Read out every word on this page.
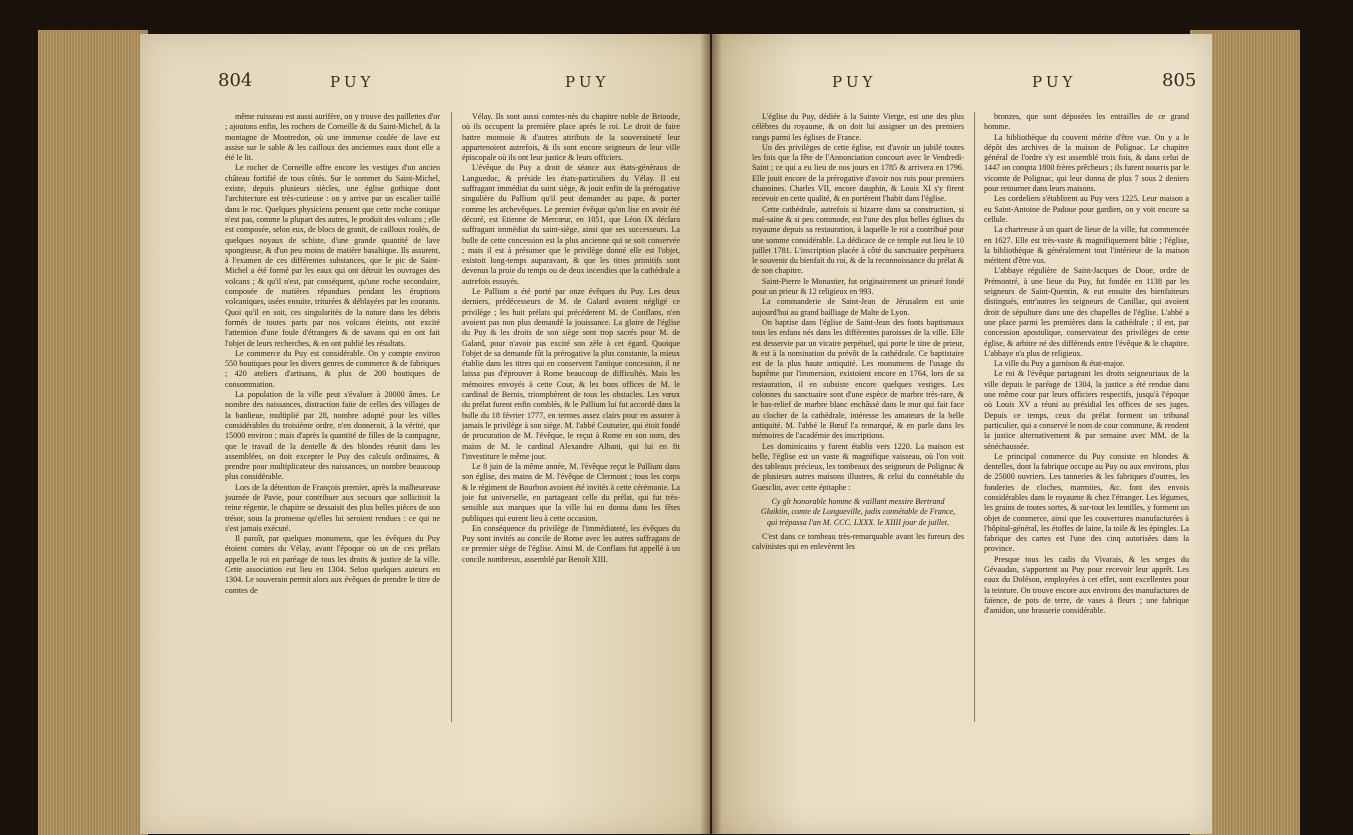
804	PUY	PUY

même ruisseau est aussi aurifère, on y trouve des paillettes d'or ; ajoutons enfin, les rochers de Corneille & du Saint-Michel, & la montagne de Montredon, où une immense coulée de lave est assise sur le sable & les cailloux des anciennes eaux dont elle a été le lit.

Le rocher de Corneille offre encore les vestiges d'un ancien château fortifié de tous côtés. Sur le sommet du Saint-Michel, existe, depuis plusieurs siècles, une église gothique dont l'architecture est très-curieuse : on y arrive par un escalier taillé dans le roc. Quelques physiciens pensent que cette roche conique n'est pas, comme la plupart des autres, le produit des volcans ; elle est composée, selon eux, de blocs de granit, de cailloux roulés, de quelques noyaux de schiste, d'une grande quantité de lave spongieuse, & d'un peu moins de matière basaltique. Ils assurent, à l'examen de ces différentes substances, que le pic de Saint-Michel a été formé par les eaux qui ont détruit les ouvrages des volcans ; & qu'il n'est, par conséquent, qu'une roche secondaire, composée de matières répandues pendant les éruptions volcaniques, usées ensuite, triturées & déblayées par les courants. Quoi qu'il en soit, ces singularités de la nature dans les débris formés de toutes parts par nos volcans éteints, ont excité l'attention d'une foule d'étrangers & de savans qui en ont fait l'objet de leurs recherches, & en ont publié les résultats.

Le commerce du Puy est considérable. On y compte environ 550 boutiques pour les divers genres de commerce & de fabriques ; 420 ateliers d'artisans, & plus de 200 boutiques de consommation.

La population de la ville peut s'évaluer à 20000 âmes. Le nombre des naissances, distraction faite de celles des villages de la banlieue, multiplié par 28, nombre adopté pour les villes considérables du troisième ordre, n'en donneroit, à la vérité, que 15000 environ ; mais d'après la quantité de filles de la campagne, que le travail de la dentelle & des blondes réunit dans les assemblées, on doit excepter le Puy des calculs ordinaires, & prendre pour multiplicateur des naissances, un nombre beaucoup plus considérable.

Lors de la détention de François premier, après la malheureuse journée de Pavie, pour contribuer aux secours que sollicitoit la reine régente, le chapitre se dessaisit des plus belles pièces de son trésor, sous la promesse qu'elles lui seroient rendues : ce qui ne s'est jamais exécuté.

Il paroît, par quelques monumens, que les évêques du Puy étoient comtes du Vélay, avant l'époque où un de ces prélats appella le roi en paréage de tous les droits & justice de la ville. Cette association eut lieu en 1304. Selon quelques auteurs en 1304. Le souverain permit alors aux évêques de prendre le titre de comtes de

Vélay. Ils sont aussi comtes-nés du chapitre noble de Brioude, où ils occupent la première place après le roi. Le droit de faire battre monnoie & d'autres attributs de la souveraineté leur appartenoient autrefois, & ils sont encore seigneurs de leur ville épiscopale où ils ont leur justice & leurs officiers.

L'évêque du Puy a droit de séance aux états-généraux de Languedoc, & préside les états-particuliers du Vélay. Il est suffragant immédiat du saint siège, & jouit enfin de la prérogative singulière du Pallium qu'il peut demander au pape, & porter comme les archevêques. Le premier évêque qu'on lise en avoir été décoré, est Etienne de Mercœur, en 1051, que Léon IX déclara suffragant immédiat du saint-siège, ainsi que ses successeurs. La bulle de cette concession est la plus ancienne qui se soit conservée ; mais il est à présumer que le privilège donné elle est l'objet, existoit long-temps auparavant, & que les titres primitifs sont devenus la proie du temps ou de deux incendies que la cathédrale a autrefois essuyés.

Le Pallium a été porté par onze évêques du Puy. Les deux derniers, prédécesseurs de M. de Galard avoient négligé ce privilège ; les huit prélats qui précéderent M. de Conflans, n'en avoient pas non plus demandé la jouissance. La gloire de l'église du Puy & les droits de son siège sont trop sacrés pour M. de Galard, pour n'avoir pas excité son zèle à cet égard. Quoique l'objet de sa demande fût la prérogative la plus constante, la mieux établie dans les titres qui en conservent l'antique concession, il ne laissa pas d'éprouver à Rome beaucoup de difficultés. Mais les mémoires envoyés à cette Cour, & les bons offices de M. le cardinal de Bernis, triomphèrent de tous les obstacles. Les vœux du prélat furent enfin comblés, & le Pallium lui fut accordé dans la bulle du 18 février 1777, en termes assez clairs pour en assurer à jamais le privilège à son siège. M. l'abbé Couturier, qui étoit fondé de procuration de M. l'évêque, le reçut à Rome en son nom, des mains de M. le cardinal Alexandre Albani, qui lui en fit l'investiture le même jour.

Le 8 juin de la même année, M. l'évêque reçut le Pallium dans son église, des mains de M. l'évêque de Clermont ; tous les corps & le régiment de Bourbon avoient été invités à cette cérémonie. La joie fut universelle, en partageant celle du prélat, qui fut très-sensible aux marques que la ville lui en donna dans les fêtes publiques qui eurent lieu à cette occasion.

En conséquence du privilège de l'immédiateté, les évêques du Puy sont invités au concile de Rome avec les autres suffragans de ce premier siège de l'église. Ainsi M. de Conflans fut appellé à un concile nombreux, assemblé par Benoît XIII.

PUY	PUY	805

L'église du Puy, dédiée à la Sainte Vierge, est une des plus célèbres du royaume, & on doit lui assigner un des premiers rangs parmi les églises de France.

Un des privilèges de cette église, est d'avoir un jubilé toutes les fois que la fête de l'Annonciation concourt avec le Vendredi-Saint ; ce qui a eu lieu de nos jours en 1785 & arrivera en 1796. Elle jouit encore de la prérogative d'avoir nos rois pour premiers chanoines. Charles VII, encore dauphin, & Louis XI s'y firent recevoir en cette qualité, & en portèrent l'habit dans l'église.

Cette cathédrale, autrefois si bizarre dans sa construction, si mal-saine & si peu commode, est l'une des plus belles églises du royaume depuis sa restauration, à laquelle le roi a contribué pour une somme considérable. La dédicace de ce temple eut lieu le 10 juillet 1781. L'inscription placée à côté du sanctuaire perpétuera le souvenir du bienfait du roi, & de la reconnoissance du prélat & de son chapitre.

Saint-Pierre le Monastier, fut originairement un prieuré fondé pour un prieur & 12 religieux en 993.

La commanderie de Saint-Jean de Jérusalem est unie aujourd'hui au grand bailliage de Malte de Lyon.

On baptise dans l'église de Saint-Jean des fonts baptismaux tous les enfans nés dans les différentes paroisses de la ville. Elle est desservie par un vicaire perpétuel, qui porte le titre de prieur, & est à la nomination du prévôt de la cathédrale. Ce baptistaire est de la plus haute antiquité. Les monumens de l'usage du baptême par l'immersion, existoient encore en 1764, lors de sa restauration, il en subsiste encore quelques vestiges. Les colonnes du sanctuaire sont d'une espèce de marbre très-rare, & le bas-relief de marbre blanc enchâssé dans le mur qui fait face au clocher de la cathédrale, intéresse les amateurs de la belle antiquité. M. l'abbé le Bœuf l'a remarqué, & en parle dans les mémoires de l'académie des inscriptions.

Les dominicains y furent établis vers 1220. La maison est belle, l'église est un vaste & magnifique vaisseau, où l'on voit des tableaux précieux, les tombeaux des seigneurs de Polignac & de plusieurs autres maisons illustres, & celui du connétable du Guesclin, avec cette épitaphe :

Cy gît honorable homme & vaillant messire Bertrand Glaikiin, comte de Longueville, jadis connétable de France, qui trépassa l'an M. CCC. LXXX. le XIIII jour de juillet.

C'est dans ce tombeau très-remarquable avant les fureurs des calvinistes qui en enlevèrent les

bronzes, que sont déposées les entrailles de ce grand homme.

La bibliothèque du couvent mérite d'être vue. On y a le dépôt des archives de la maison de Polignac. Le chapitre général de l'ordre s'y est assemblé trois fois, & dans celui de 1447 on compta 1800 frères prêcheurs ; ils furent nourris par le vicomte de Polignac, qui leur donna de plus 7 sous 2 deniers pour retourner dans leurs maisons.

Les cordeliers s'établirent au Puy vers 1225. Leur maison a eu Saint-Antoine de Padoue pour gardien, on y voit encore sa cellule.

La chartreuse à un quart de lieue de la ville, fut commencée en 1627. Elle est très-vaste & magnifiquement bâtie ; l'église, la bibliothèque & généralement tout l'intérieur de la maison méritent d'être vus.

L'abbaye régulière de Saint-Jacques de Doue, ordre de Prémontré, à une lieue du Puy, fut fondée en 1138 par les seigneurs de Saint-Quentin, & eut ensuite des bienfaiteurs distingués, entr'autres les seigneurs de Canillac, qui avoient droit de sépulture dans une des chapelles de l'église. L'abbé a une place parmi les premières dans la cathédrale ; il est, par concession apostolique, conservateur des privilèges de cette église, & arbitre né des différends entre l'évêque & le chapitre. L'abbaye n'a plus de religieux.

La ville du Puy a garnison & état-major.

Le roi & l'évêque partageant les droits seigneuriaux de la ville depuis le paréage de 1304, la justice a été rendue dans une même cour par leurs officiers respectifs, jusqu'à l'époque où Louis XV a réuni au présidial les offices de ses juges. Depuis ce temps, ceux du prélat forment un tribunal particulier, qui a conservé le nom de cour commune, & rendent la justice alternativement & par semaine avec MM. de la sénéchaussée.

Le principal commerce du Puy consiste en blondes & dentelles, dont la fabrique occupe au Puy ou aux environs, plus de 25000 ouvriers. Les tanneries & les fabriques d'outres, les fonderies de cloches, marmites, &c. font des envois considérables dans le royaume & chez l'étranger. Les légumes, les grains de toutes sortes, & sur-tout les lentilles, y forment un objet de commerce, ainsi que les couvertures manufacturées à l'hôpital-général, les étoffes de laine, la toile & les épingles. La fabrique des cartes est l'une des cinq autorisées dans la province.

Presque tous les cadis du Vivarais, & les serges du Gévaudan, s'apportent au Puy pour recevoir leur apprêt. Les eaux du Doléson, employées à cet effet, sont excellentes pour la teinture. On trouve encore aux environs des manufactures de faïence, de pots de terre, de vases à fleurs ; une fabrique d'amidon, une brasserie considérable.
